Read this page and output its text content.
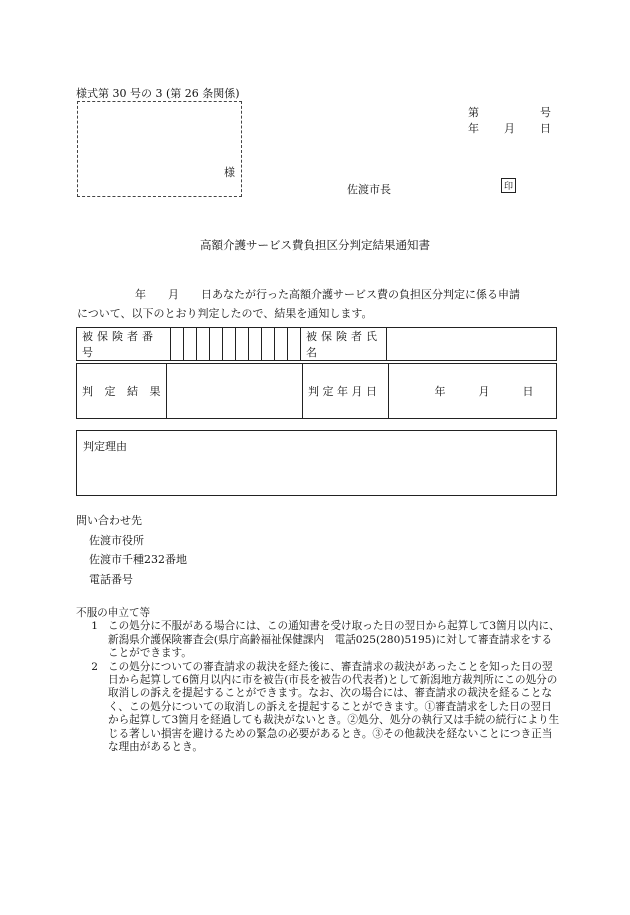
様式第 30 号の 3 (第 26 条関係)
第	号
年 月 日
様
佐渡市長	印
高額介護サービス費負担区分判定結果通知書
年　　月　　日あなたが行った高額介護サービス費の負担区分判定に係る申請
について、以下のとおり判定したので、結果を通知します。
被保険者番号											被保険者氏名	
判 定 結 果		判 定 年 月 日	年	月	日
判定理由
問い合わせ先
佐渡市役所
佐渡市千種232番地
電話番号
不服の申立て等
1 この処分に不服がある場合には、この通知書を受け取った日の翌日から起算して3箇月以内に、新潟県介護保険審査会(県庁高齢福祉保健課内　電話025(280)5195)に対して審査請求をすることができます。
2 この処分についての審査請求の裁決を経た後に、審査請求の裁決があったことを知った日の翌日から起算して6箇月以内に市を被告(市長を被告の代表者)として新潟地方裁判所にこの処分の取消しの訴えを提起することができます。なお、次の場合には、審査請求の裁決を経ることなく、この処分についての取消しの訴えを提起することができます。①審査請求をした日の翌日から起算して3箇月を経過しても裁決がないとき。②処分、処分の執行又は手続の続行により生じる著しい損害を避けるための緊急の必要があるとき。③その他裁決を経ないことにつき正当な理由があるとき。
